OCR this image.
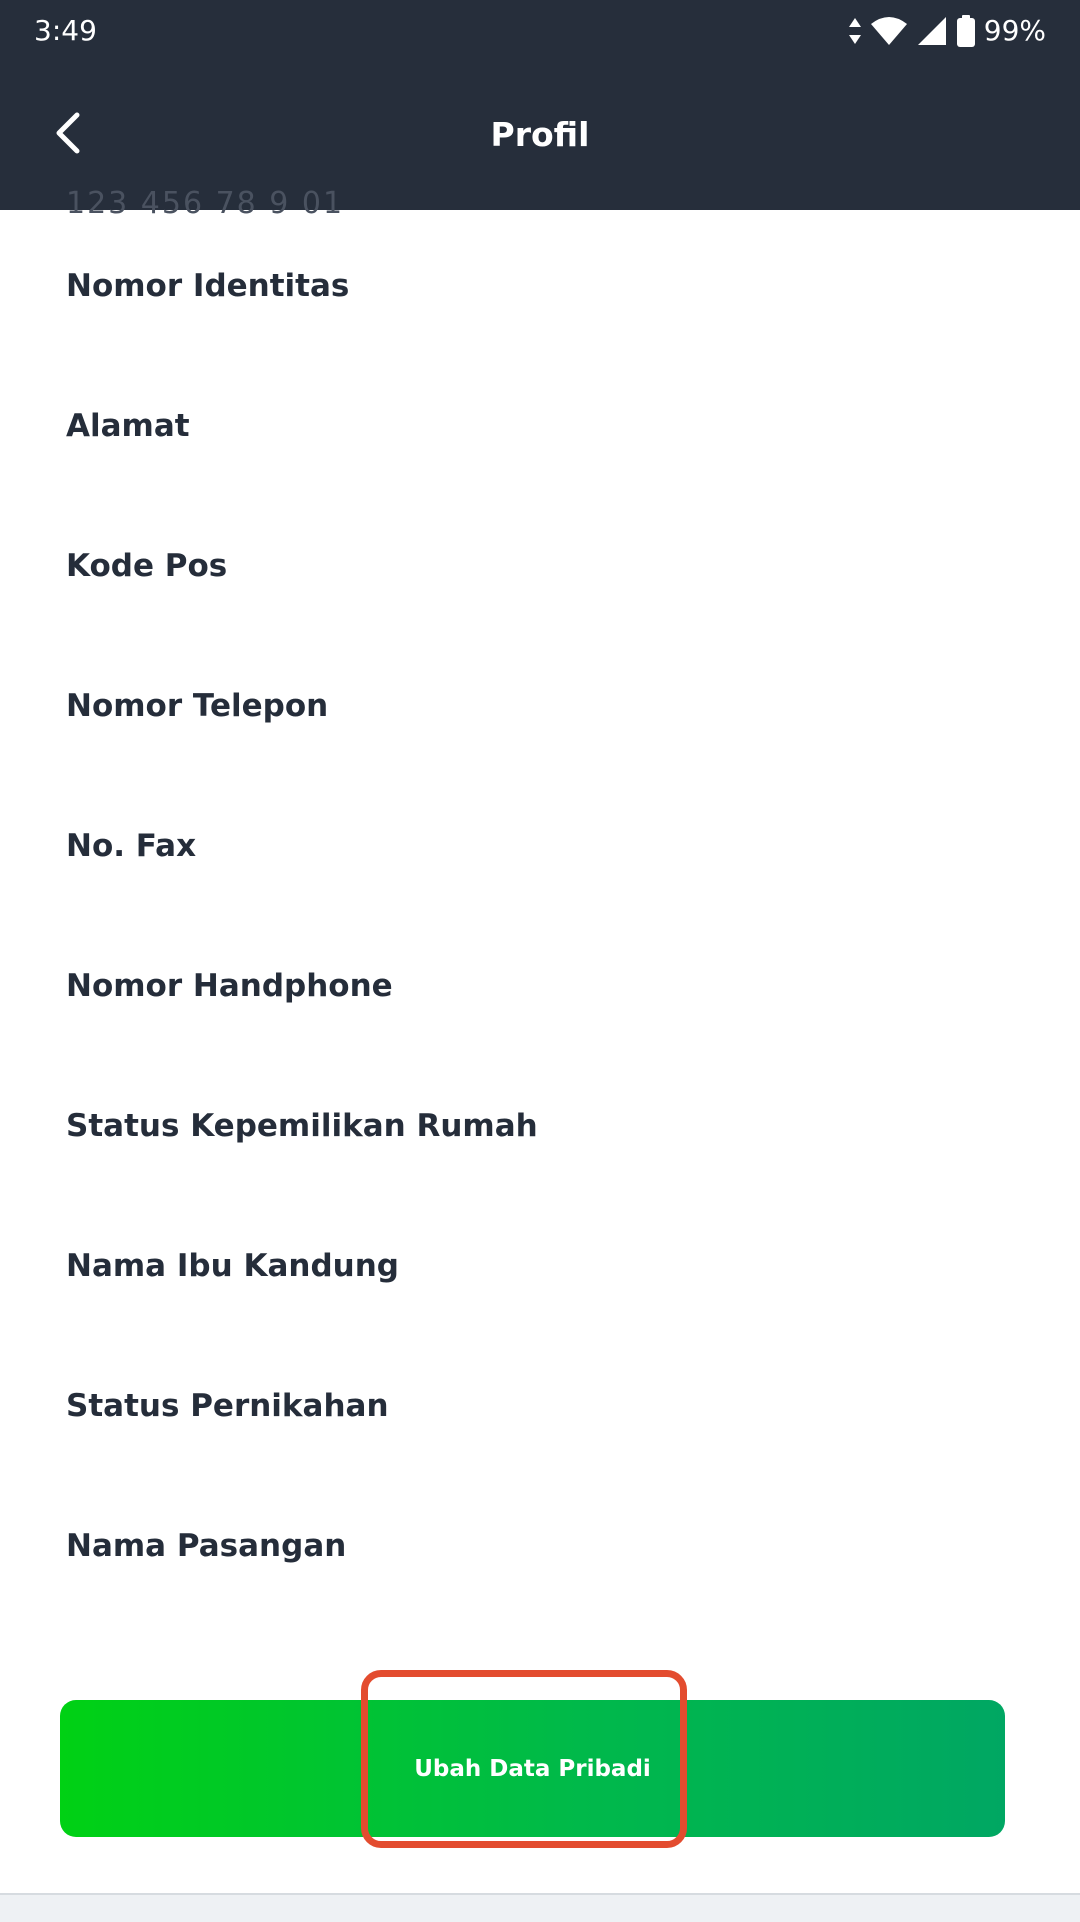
3:49	99%
Profil
123 456 78 9 01
Nomor Identitas
Alamat
Kode Pos
Nomor Telepon
No. Fax
Nomor Handphone
Status Kepemilikan Rumah
Nama Ibu Kandung
Status Pernikahan
Nama Pasangan
Ubah Data Pribadi
